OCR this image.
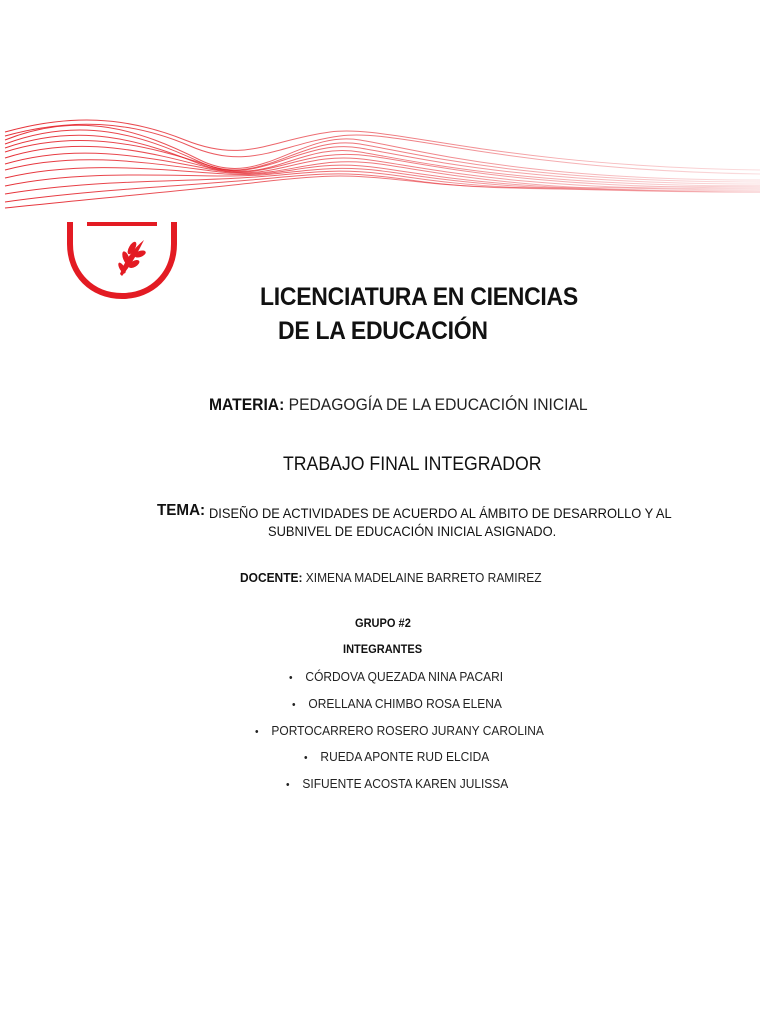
LICENCIATURA EN CIENCIAS
DE LA EDUCACIÓN
MATERIA: PEDAGOGÍA DE LA EDUCACIÓN INICIAL
TRABAJO FINAL INTEGRADOR
TEMA: DISEÑO DE ACTIVIDADES DE ACUERDO AL ÁMBITO DE DESARROLLO Y AL
SUBNIVEL DE EDUCACIÓN INICIAL ASIGNADO.
DOCENTE: XIMENA MADELAINE BARRETO RAMIREZ
GRUPO #2
INTEGRANTES
• CÓRDOVA QUEZADA NINA PACARI
• ORELLANA CHIMBO ROSA ELENA
• PORTOCARRERO ROSERO JURANY CAROLINA
• RUEDA APONTE RUD ELCIDA
• SIFUENTE ACOSTA KAREN JULISSA
